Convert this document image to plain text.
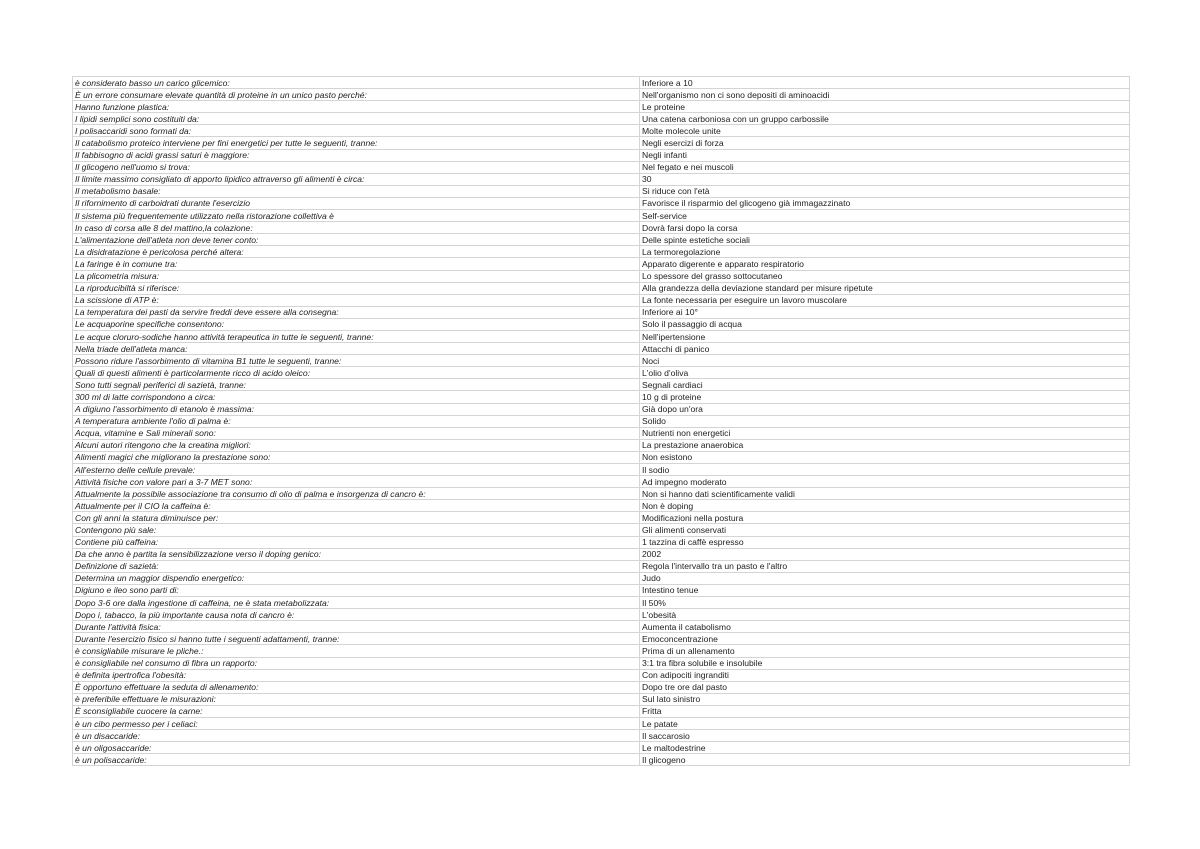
è considerato basso un carico glicemico:	Inferiore a 10
È un errore consumare elevate quantità di proteine in un unico pasto perché:	Nell'organismo non ci sono depositi di aminoacidi
Hanno funzione plastica:	Le proteine
I lipidi semplici sono costituiti da:	Una catena carboniosa con un gruppo carbossile
I polisaccaridi sono formati da:	Molte molecole unite
Il catabolismo proteico interviene per fini energetici per tutte le seguenti, tranne:	Negli esercizi di forza
Il fabbisogno di acidi grassi saturi è maggiore:	Negli infanti
Il glicogeno nell'uomo si trova:	Nel fegato e nei muscoli
Il limite massimo consigliato di apporto lipidico attraverso gli alimenti è circa:	30
Il metabolismo basale:	Si riduce con l'età
Il rifornimento di carboidrati durante l'esercizio	Favorisce il risparmio del glicogeno già immagazzinato
Il sistema più frequentemente utilizzato nella ristorazione collettiva è	Self-service
In caso di corsa alle 8 del mattino,la colazione:	Dovrà farsi dopo la corsa
L'alimentazione dell'atleta non deve tener conto:	Delle spinte estetiche sociali
La disidratazione è pericolosa perché altera:	La termoregolazione
La faringe è in comune tra:	Apparato digerente e apparato respiratorio
La plicometria misura:	Lo spessore del grasso sottocutaneo
La riproducibiltà si riferisce:	Alla grandezza della deviazione standard per misure ripetute
La scissione di ATP è:	La fonte necessaria per eseguire un lavoro muscolare
La temperatura dei pasti da servire freddi deve essere alla consegna:	Inferiore ai 10°
Le acquaporine specifiche consentono:	Solo il passaggio di acqua
Le acque cloruro-sodiche hanno attività terapeutica in tutte le seguenti, tranne:	Nell'ipertensione
Nella triade dell'atleta manca:	Attacchi di panico
Possono ridure l'assorbimento di vitamina B1 tutte le seguenti, tranne:	Noci
Quali di questi alimenti è particolarmente ricco di acido oleico:	L'olio d'oliva
Sono tutti segnali periferici di sazietà, tranne:	Segnali cardiaci
300 ml di latte corrispondono a circa:	10 g di proteine
A digiuno l'assorbimento di etanolo è massima:	Già dopo un'ora
A temperatura ambiente l'olio di palma è:	Solido
Acqua, vitamine e Sali minerali sono:	Nutrienti non energetici
Alcuni autori ritengono che la creatina migliori:	La prestazione anaerobica
Alimenti magici che migliorano la prestazione sono:	Non esistono
All'esterno delle cellule prevale:	Il sodio
Attività fisiche con valore pari a 3-7 MET sono:	Ad impegno moderato
Attualmente la possibile associazione tra consumo di olio di palma e insorgenza di cancro è:	Non si hanno dati scientificamente validi
Attualmente per il CIO la caffeina è:	Non è doping
Con gli anni la statura diminuisce per:	Modificazioni nella postura
Contengono più sale:	Gli alimenti conservati
Contiene più caffeina:	1 tazzina di caffè espresso
Da che anno è partita la sensibilizzazione verso il doping genico:	2002
Definizione di sazietà:	Regola l'intervallo tra un pasto e l'altro
Determina un maggior dispendio energetico:	Judo
Digiuno e ileo sono parti di:	Intestino tenue
Dopo 3-6 ore dalla ingestione di caffeina, ne è stata metabolizzata:	Il 50%
Dopo i, tabacco, la più importante causa nota di cancro è:	L'obesità
Durante l'attività fisica:	Aumenta il catabolismo
Durante l'esercizio fisico si hanno tutte i seguenti adattamenti, tranne:	Emoconcentrazione
è consigliabile misurare le pliche.:	Prima di un allenamento
è consigliabile nel consumo di fibra un rapporto:	3:1 tra fibra solubile e insolubile
è definita ipertrofica l'obesità:	Con adipociti ingranditi
È opportuno effettuare la seduta di allenamento:	Dopo tre ore dal pasto
è preferibile effettuare le misurazioni:	Sul lato sinistro
È sconsigliabile cuocere la carne:	Fritta
è un cibo permesso per i celiaci:	Le patate
è un disaccaride:	Il saccarosio
è un oligosaccaride:	Le maltodestrine
è un polisaccaride:	Il glicogeno
